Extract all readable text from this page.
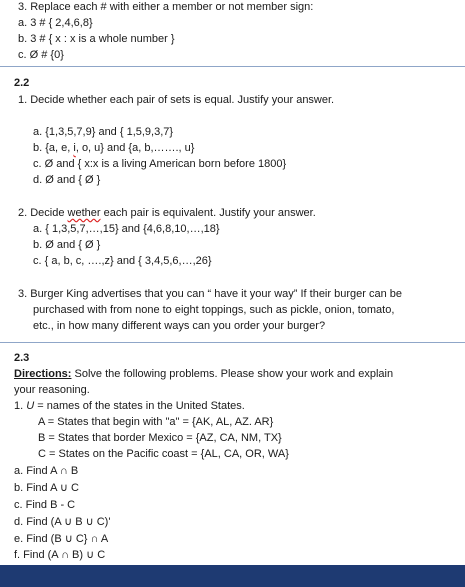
3. Replace each # with either a member or not member sign:
a. 3 # { 2,4,6,8}
b. 3 # { x : x is a whole number }
c. Ø # {0}
2.2
1. Decide whether each pair of sets is equal. Justify your answer.
a. {1,3,5,7,9} and { 1,5,9,3,7}
b. {a, e, i, o, u} and {a, b,……., u}
c. Ø and { x:x is a living American born before 1800}
d. Ø and { Ø }
2. Decide wether each pair is equivalent. Justify your answer.
a. { 1,3,5,7,…,15} and {4,6,8,10,…,18}
b. Ø and { Ø }
c. { a, b, c, ….,z} and { 3,4,5,6,…,26}
3. Burger King advertises that you can “ have it your way” If their burger can be
purchased with from none to eight toppings, such as pickle, onion, tomato,
etc., in how many different ways can you order your burger?
2.3
Directions: Solve the following problems. Please show your work and explain
your reasoning.
1. U = names of the states in the United States.
A = States that begin with "a" = {AK, AL, AZ. AR}
B = States that border Mexico = {AZ, CA, NM, TX}
C = States on the Pacific coast = {AL, CA, OR, WA}
a. Find A ∩ B
b. Find A ∪ C
c. Find B - C
d. Find (A ∪ B ∪ C)'
e. Find (B ∪ C} ∩ A
f. Find (A ∩ B) ∪ C
